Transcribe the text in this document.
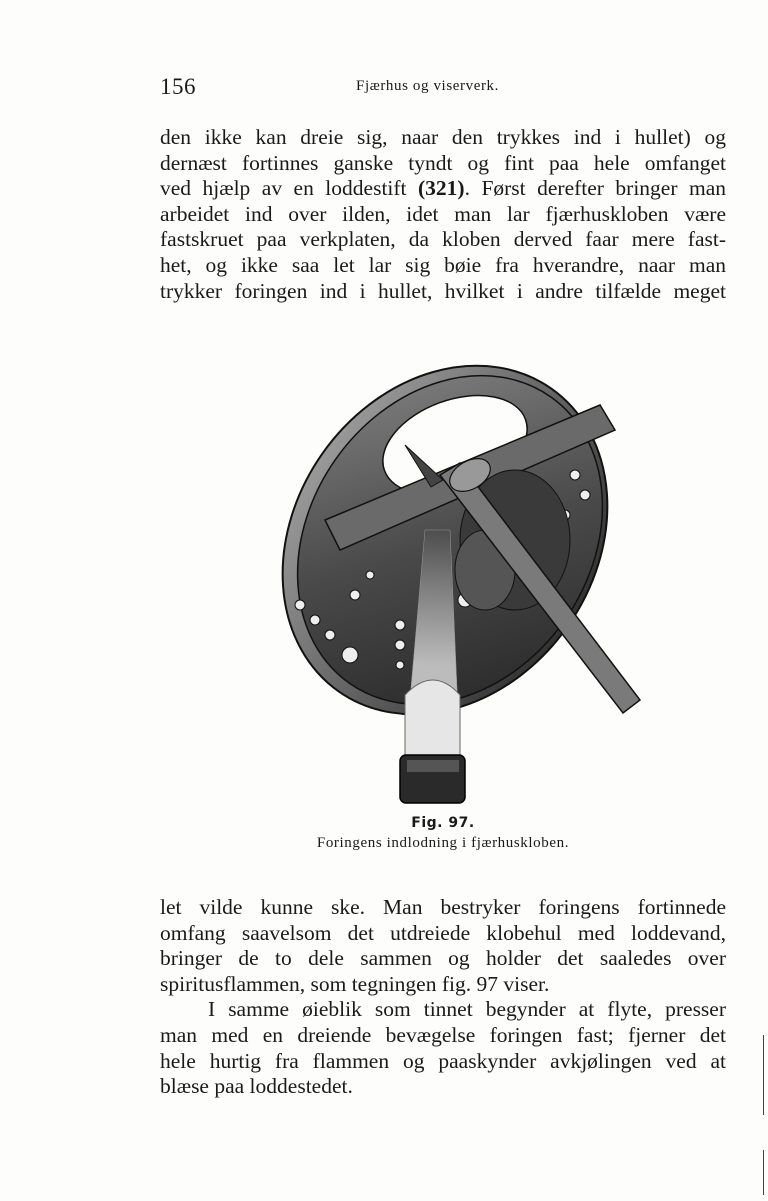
156	Fjærhus og viserverk.

den ikke kan dreie sig, naar den trykkes ind i hullet) og
dernæst fortinnes ganske tyndt og fint paa hele omfanget
ved hjælp av en loddestift (321). Først derefter bringer man
arbeidet ind over ilden, idet man lar fjærhuskloben være
fastskruet paa verkplaten, da kloben derved faar mere fast-
het, og ikke saa let lar sig bøie fra hverandre, naar man
trykker foringen ind i hullet, hvilket i andre tilfælde meget

Fig. 97.
Foringens indlodning i fjærhuskloben.

let vilde kunne ske. Man bestryker foringens fortinnede
omfang saavelsom det utdreiede klobehul med loddevand,
bringer de to dele sammen og holder det saaledes over
spiritusflammen, som tegningen fig. 97 viser.
I samme øieblik som tinnet begynder at flyte, presser
man med en dreiende bevægelse foringen fast; fjerner det
hele hurtig fra flammen og paaskynder avkjølingen ved at
blæse paa loddestedet.
